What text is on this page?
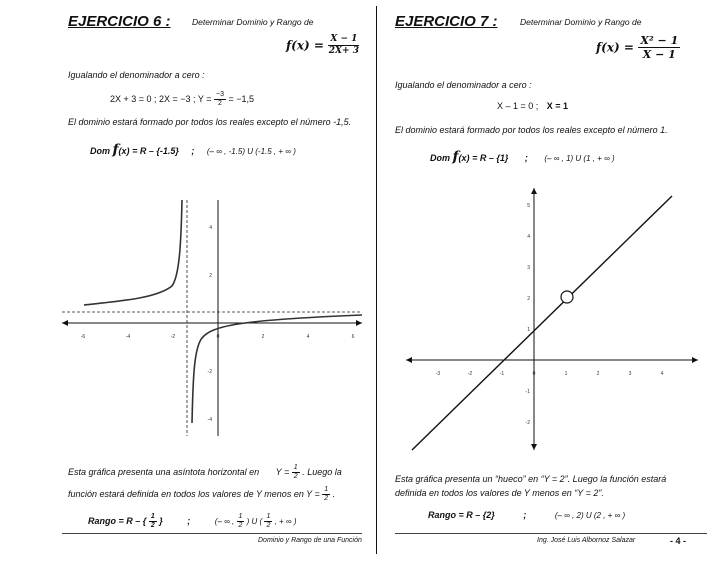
EJERCICIO 6 :	Determinar Dominio y Rango de
$f(x) = \frac{X - 1}{2X+ 3}$
Igualando el denominador a cero :
2X + 3 = 0 ; 2X = −3 ; $Y = \frac{-3}{2} = -1,5$
El dominio estará formado por todos los reales excepto el número -1,5.
Dom f(x) = R – {-1.5} ; (– ∞ , -1.5) U (-1.5 , + ∞ )
-6	-4	-2	0	2	4	6
4
2
-2
-4
Esta gráfica presenta una asíntota horizontal en $Y = \frac{1}{2}$ . Luego la
función estará definida en todos los valores de Y menos en $Y = \frac{1}{2}$ .
Rango = R – { $\frac{1}{2}$ }	;	(– ∞ , $\frac{1}{2}$ ) U ( $\frac{1}{2}$ , + ∞ )
Dominio y Rango de una Función
EJERCICIO 7 :	Determinar Dominio y Rango de
$f(x) = \frac{\text{X² − 1}}{X - 1}$
Igualando el denominador a cero :
X – 1 = 0 ; X = 1
El dominio estará formado por todos los reales excepto el número 1.
Dom f(x) = R – {1} ; (– ∞ , 1) U (1 , + ∞ )
-3	-2	-1	0	1	2	3	4
5
4
3
2
1
-1
-2
Esta gráfica presenta un “hueco” en “Y = 2”. Luego la función estará
definida en todos los valores de Y menos en “Y = 2”.
Rango = R – {2}	;	(– ∞ , 2) U (2 , + ∞ )
Ing. José Luis Albornoz Salazar	- 4 -
